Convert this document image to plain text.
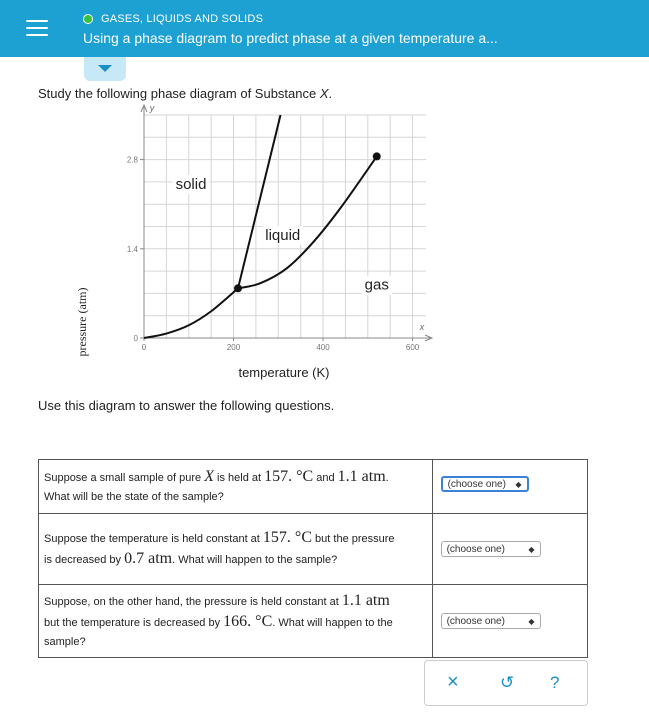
GASES, LIQUIDS AND SOLIDS
Using a phase diagram to predict phase at a given temperature a...
Study the following phase diagram of Substance X.
x
y
0	200	400	600
0
1.4
2.8
solid
liquid
gas
pressure (atm)
temperature (K)
Use this diagram to answer the following questions.
Suppose a small sample of pure X is held at 157. °C and 1.1 atm.
What will be the state of the sample?	(choose one) ◆

Suppose the temperature is held constant at 157. °C but the pressure
is decreased by 0.7 atm. What will happen to the sample?	(choose one) ◆

Suppose, on the other hand, the pressure is held constant at 1.1 atm
but the temperature is decreased by 166. °C. What will happen to the
sample?	(choose one) ◆
× ↺ ?
